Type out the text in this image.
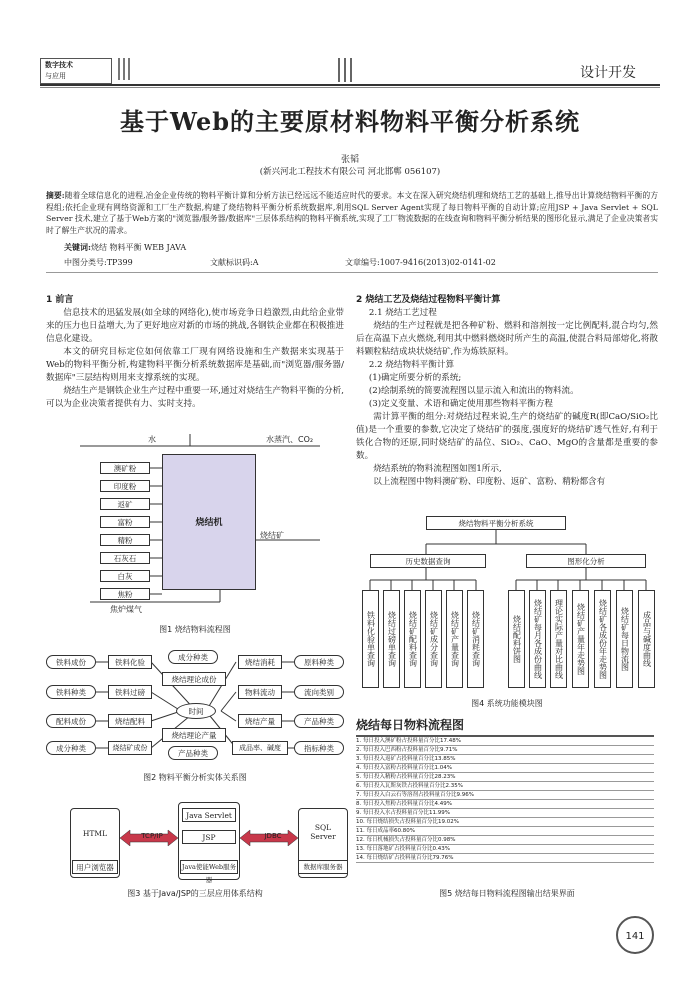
数字技术
与应用	设计开发
基于Web的主要原材料物料平衡分析系统
张韬
(新兴河北工程技术有限公司 河北邯郸 056107)
摘要:随着全球信息化的进程,冶金企业传统的物料平衡计算和分析方法已经远远不能适应时代的要求。本文在深入研究烧结机理和烧结工艺的基础上,推导出计算烧结物料平衡的方程组;依托企业现有网络资源和工厂生产数据,构建了烧结物料平衡分析系统数据库,利用SQL Server Agent实现了每日物料平衡的自动计算;应用JSP + Java Servlet + SQL Server 技术,建立了基于Web方案的"浏览器/服务器/数据库"三层体系结构的物料平衡系统,实现了工厂物流数据的在线查询和物料平衡分析结果的图形化显示,满足了企业决策者实时了解生产状况的需求。
关键词:烧结 物料平衡 WEB JAVA
中图分类号:TP399	文献标识码:A	文章编号:1007-9416(2013)02-0141-02
1 前言

信息技术的迅猛发展(如全球的网络化),使市场竞争日趋激烈,由此给企业带来的压力也日益增大,为了更好地应对新的市场的挑战,各钢铁企业都在积极推进信息化建设。

本文的研究目标定位如何依靠工厂现有网络设施和生产数据来实现基于Web的物料平衡分析,构建物料平衡分析系统数据库是基础,而"浏览器/服务器/数据库"三层结构则用来支撑系统的实现。

烧结生产是钢铁企业生产过程中重要一环,通过对烧结生产物料平衡的分析,可以为企业决策者提供有力、实时支持。

水	水蒸汽、CO₂
澳矿粉
印度粉
返矿
富粉
精粉
石灰石
白灰
焦粉
烧结机
烧结矿
焦炉煤气
图1 烧结物料流程图
铁料成份	铁料化验
成分种类
烧结消耗	原料种类
烧结理论成份
铁料种类	铁料过磅	物料流动	流向类别
时间
配料成份	烧结配料	烧结产量	产品种类
烧结理论产量
成分种类	烧结矿成份
产品种类
成品率、碱度	指标种类
图2 物料平衡分析实体关系图
HTML
用户浏览器
TCP/IP
Java Servlet
JSP
Java使能Web服务器
JDBC
SQL Server
数据库服务器
图3 基于Java/JSP的三层应用体系结构
2 烧结工艺及烧结过程物料平衡计算
2.1 烧结工艺过程

烧结的生产过程就是把各种矿粉、燃料和溶剂按一定比例配料,混合均匀,然后在高温下点火燃烧,利用其中燃料燃烧时所产生的高温,使混合料局部熔化,将散料颗粒粘结成块状烧结矿,作为炼铁原料。

2.2 烧结物料平衡计算
(1)确定所要分析的系统;
(2)绘制系统的简要流程图以显示流入和流出的物料流。
(3)定义变量、术语和确定使用那些物料平衡方程

需计算平衡的组分:对烧结过程来说,生产的烧结矿的碱度R(即CaO/SiO₂比值)是一个重要的参数,它决定了烧结矿的强度,强度好的烧结矿透气性好,有利于铁化合物的还原,同时烧结矿的品位、SiO₂、CaO、MgO的含量都是重要的参数。

烧结系统的物料流程图如图1所示,

以上流程图中物料澳矿粉、印度粉、返矿、富粉、精粉都含有

烧结物料平衡分析系统
历史数据查询	图形化分析
铁料化验单查询	烧结过磅单查询	烧结矿配料查询	烧结矿成分查询	烧结矿产量查询	烧结矿消耗查询	烧结配料饼图	烧结矿每月各成份曲线	理论实际产量对比曲线	烧结矿产量年走势图	烧结矿各成份年走势图	烧结矿每日物流图	成品与碱度曲线
图4 系统功能模块图
烧结每日物料流程图
1. 每日投入澳矿粉占投料量百分比17.48%
2. 每日投入巴西粉占投料量百分比9.71%
3. 每日投入返矿占投料量百分比13.85%
4. 每日投入富粉占投料量百分比1.04%
5. 每日投入精粉占投料量百分比28.23%
6. 每日投入瓦斯灰铁占投料量百分比2.35%
7. 每日投入白云石等溶剂占投料量百分比9.96%
8. 每日投入焦粉占投料量百分比4.49%
9. 每日投入水占投料量百分比11.99%
10. 每日烧结损失占投料量百分比19.02%
11. 每日成品率60.80%
12. 每日机械损失占投料量百分比0.98%
13. 每日落地矿占投料量百分比0.43%
14. 每日烧结矿占投料量百分比79.76%
图5 烧结每日物料流程图输出结果界面
141
